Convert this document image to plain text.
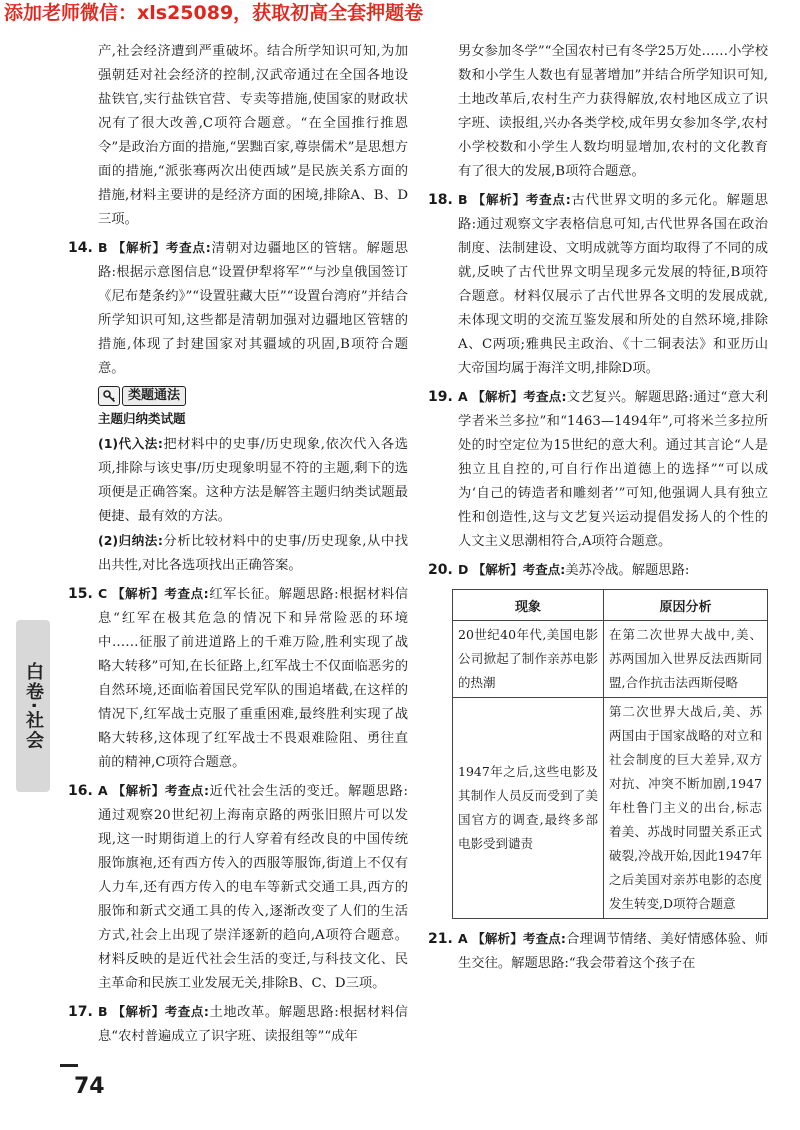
添加老师微信：xls25089，获取初高全套押题卷

产,社会经济遭到严重破坏。结合所学知识可知,为加强朝廷对社会经济的控制,汉武帝通过在全国各地设盐铁官,实行盐铁官营、专卖等措施,使国家的财政状况有了很大改善,C项符合题意。“在全国推行推恩令”是政治方面的措施,“罢黜百家,尊崇儒术”是思想方面的措施,“派张骞两次出使西域”是民族关系方面的措施,材料主要讲的是经济方面的困境,排除A、B、D三项。

14. B 【解析】考查点:清朝对边疆地区的管辖。解题思路:根据示意图信息“设置伊犁将军”“与沙皇俄国签订《尼布楚条约》”“设置驻藏大臣”“设置台湾府”并结合所学知识可知,这些都是清朝加强对边疆地区管辖的措施,体现了封建国家对其疆域的巩固,B项符合题意。

类题通法

主题归纳类试题

(1)代入法:把材料中的史事/历史现象,依次代入各选项,排除与该史事/历史现象明显不符的主题,剩下的选项便是正确答案。这种方法是解答主题归纳类试题最便捷、最有效的方法。

(2)归纳法:分析比较材料中的史事/历史现象,从中找出共性,对比各选项找出正确答案。

15. C 【解析】考查点:红军长征。解题思路:根据材料信息“红军在极其危急的情况下和异常险恶的环境中……征服了前进道路上的千难万险,胜利实现了战略大转移”可知,在长征路上,红军战士不仅面临恶劣的自然环境,还面临着国民党军队的围追堵截,在这样的情况下,红军战士克服了重重困难,最终胜利实现了战略大转移,这体现了红军战士不畏艰难险阻、勇往直前的精神,C项符合题意。

16. A 【解析】考查点:近代社会生活的变迁。解题思路:通过观察20世纪初上海南京路的两张旧照片可以发现,这一时期街道上的行人穿着有经改良的中国传统服饰旗袍,还有西方传入的西服等服饰,街道上不仅有人力车,还有西方传入的电车等新式交通工具,西方的服饰和新式交通工具的传入,逐渐改变了人们的生活方式,社会上出现了崇洋逐新的趋向,A项符合题意。材料反映的是近代社会生活的变迁,与科技文化、民主革命和民族工业发展无关,排除B、C、D三项。

17. B 【解析】考查点:土地改革。解题思路:根据材料信息“农村普遍成立了识字班、读报组等”“成年

男女参加冬学”“全国农村已有冬学25万处……小学校数和小学生人数也有显著增加”并结合所学知识可知,土地改革后,农村生产力获得解放,农村地区成立了识字班、读报组,兴办各类学校,成年男女参加冬学,农村小学校数和小学生人数均明显增加,农村的文化教育有了很大的发展,B项符合题意。

18. B 【解析】考查点:古代世界文明的多元化。解题思路:通过观察文字表格信息可知,古代世界各国在政治制度、法制建设、文明成就等方面均取得了不同的成就,反映了古代世界文明呈现多元发展的特征,B项符合题意。材料仅展示了古代世界各文明的发展成就,未体现文明的交流互鉴发展和所处的自然环境,排除A、C两项;雅典民主政治、《十二铜表法》和亚历山大帝国均属于海洋文明,排除D项。

19. A 【解析】考查点:文艺复兴。解题思路:通过“意大利学者米兰多拉”和“1463—1494年”,可将米兰多拉所处的时空定位为15世纪的意大利。通过其言论“人是独立且自控的,可自行作出道德上的选择”“可以成为‘自己的铸造者和雕刻者’”可知,他强调人具有独立性和创造性,这与文艺复兴运动提倡发扬人的个性的人文主义思潮相符合,A项符合题意。

20. D 【解析】考查点:美苏冷战。解题思路:

现象	原因分析
20世纪40年代,美国电影公司掀起了制作亲苏电影的热潮	在第二次世界大战中,美、苏两国加入世界反法西斯同盟,合作抗击法西斯侵略
1947年之后,这些电影及其制作人员反而受到了美国官方的调查,最终多部电影受到谴责	第二次世界大战后,美、苏两国由于国家战略的对立和社会制度的巨大差异,双方对抗、冲突不断加剧,1947年杜鲁门主义的出台,标志着美、苏战时同盟关系正式破裂,冷战开始,因此1947年之后美国对亲苏电影的态度发生转变,D项符合题意
21. A 【解析】考查点:合理调节情绪、美好情感体验、师生交往。解题思路:“我会带着这个孩子在

白卷·社会
74
